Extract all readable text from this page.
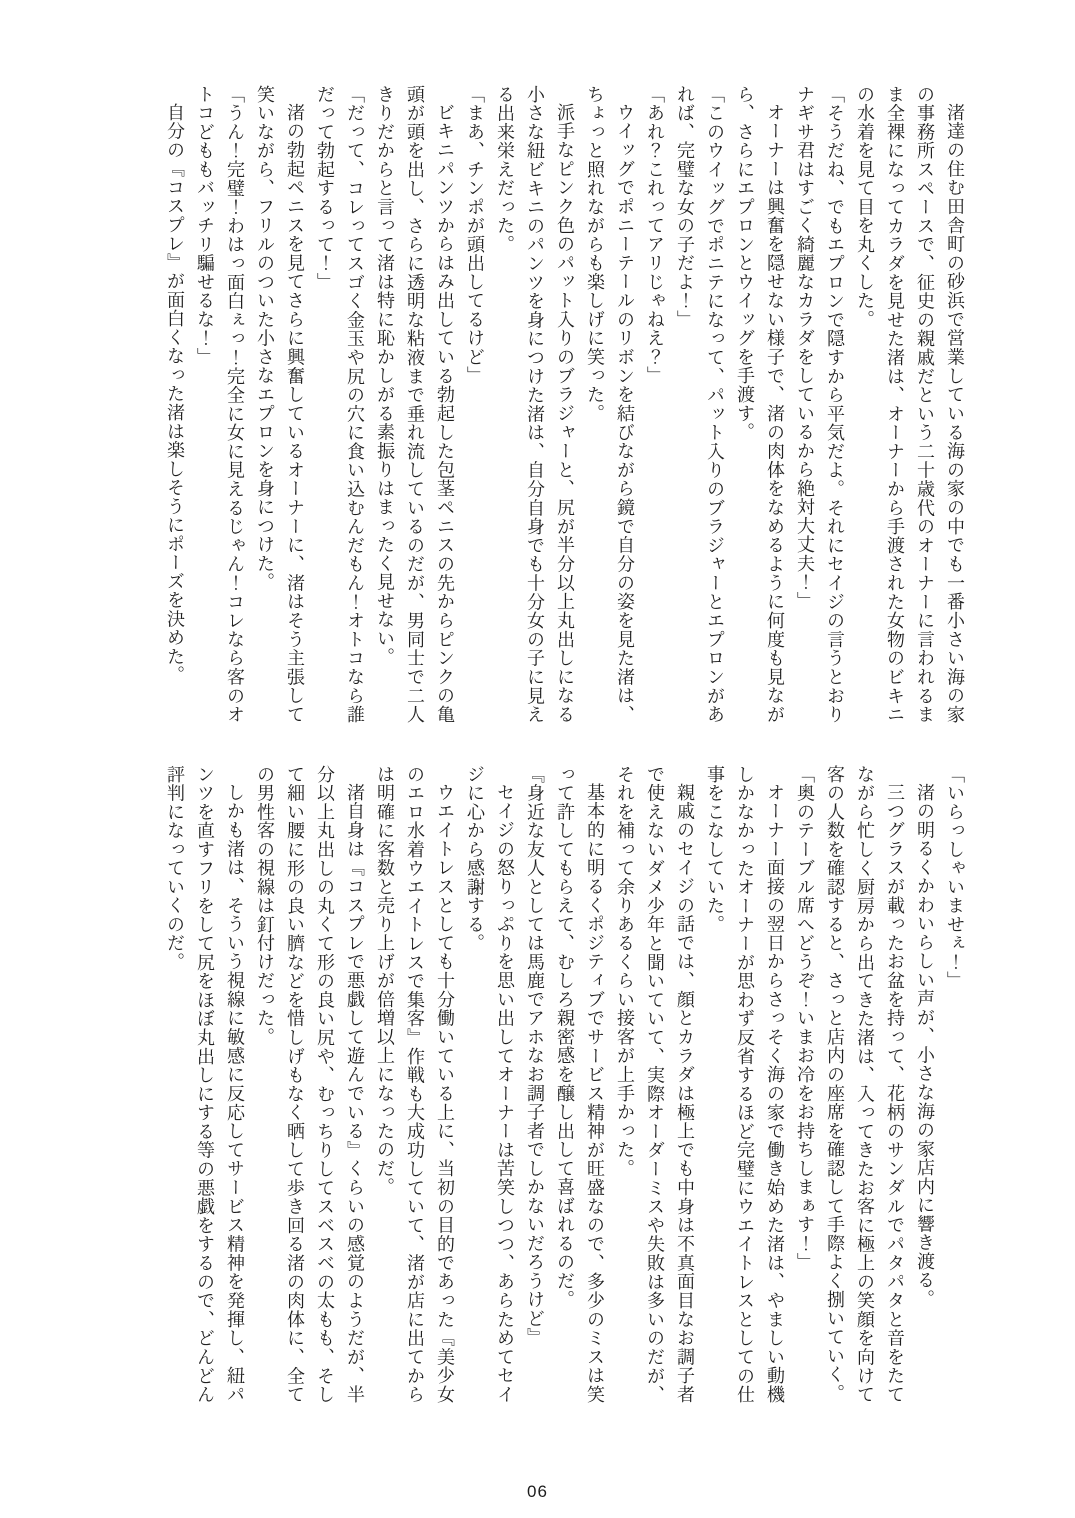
渚達の住む田舎町の砂浜で営業している海の家の中でも一番小さい海の家の事務所スペースで、征史の親戚だという二十歳代のオーナーに言われるまま全裸になってカラダを見せた渚は、オーナーから手渡された女物のビキニの水着を見て目を丸くした。

「そうだね、でもエプロンで隠すから平気だよ。それにセイジの言うとおりナギサ君はすごく綺麗なカラダをしているから絶対大丈夫！」

オーナーは興奮を隠せない様子で、渚の肉体をなめるように何度も見ながら、さらにエプロンとウイッグを手渡す。

「このウイッグでポニテになって、パット入りのブラジャーとエプロンがあれば、完璧な女の子だよ！」

「あれ？これってアリじゃねえ？」

ウイッグでポニーテールのリボンを結びながら鏡で自分の姿を見た渚は、ちょっと照れながらも楽しげに笑った。

派手なピンク色のパット入りのブラジャーと、尻が半分以上丸出しになる小さな紐ビキニのパンツを身につけた渚は、自分自身でも十分女の子に見える出来栄えだった。

「まあ、チンポが頭出してるけど」

ビキニパンツからはみ出している勃起した包茎ペニスの先からピンクの亀頭が頭を出し、さらに透明な粘液まで垂れ流しているのだが、男同士で二人きりだからと言って渚は特に恥かしがる素振りはまったく見せない。

「だって、コレってスゴく金玉や尻の穴に食い込むんだもん！オトコなら誰だって勃起するって！」

渚の勃起ペニスを見てさらに興奮しているオーナーに、渚はそう主張して笑いながら、フリルのついた小さなエプロンを身につけた。

「うん！完璧！わはっ面白ぇっ！完全に女に見えるじゃん！コレなら客のオトコどももバッチリ騙せるな！」

自分の『コスプレ』が面白くなった渚は楽しそうにポーズを決めた。

「いらっしゃいませぇ！」

渚の明るくかわいらしい声が、小さな海の家店内に響き渡る。

三つグラスが載ったお盆を持って、花柄のサンダルでパタパタと音をたてながら忙しく厨房から出てきた渚は、入ってきたお客に極上の笑顔を向けて客の人数を確認すると、さっと店内の座席を確認して手際よく捌いていく。

「奥のテーブル席へどうぞ！いまお冷をお持ちしまぁす！」

オーナー面接の翌日からさっそく海の家で働き始めた渚は、やましい動機しかなかったオーナーが思わず反省するほど完璧にウエイトレスとしての仕事をこなしていた。

親戚のセイジの話では、顔とカラダは極上でも中身は不真面目なお調子者で使えないダメ少年と聞いていて、実際オーダーミスや失敗は多いのだが、それを補って余りあるくらい接客が上手かった。

基本的に明るくポジティブでサービス精神が旺盛なので、多少のミスは笑って許してもらえて、むしろ親密感を醸し出して喜ばれるのだ。

『身近な友人としては馬鹿でアホなお調子者でしかないだろうけど』

セイジの怒りっぷりを思い出してオーナーは苦笑しつつ、あらためてセイジに心から感謝する。

ウエイトレスとしても十分働いている上に、当初の目的であった『美少女のエロ水着ウエイトレスで集客』作戦も大成功していて、渚が店に出てからは明確に客数と売り上げが倍増以上になったのだ。

渚自身は『コスプレで悪戯して遊んでいる』くらいの感覚のようだが、半分以上丸出しの丸くて形の良い尻や、むっちりしてスベスベの太もも、そして細い腰に形の良い臍などを惜しげもなく晒して歩き回る渚の肉体に、全ての男性客の視線は釘付けだった。

しかも渚は、そういう視線に敏感に反応してサービス精神を発揮し、紐パンツを直すフリをして尻をほぼ丸出しにする等の悪戯をするので、どんどん評判になっていくのだ。

06
